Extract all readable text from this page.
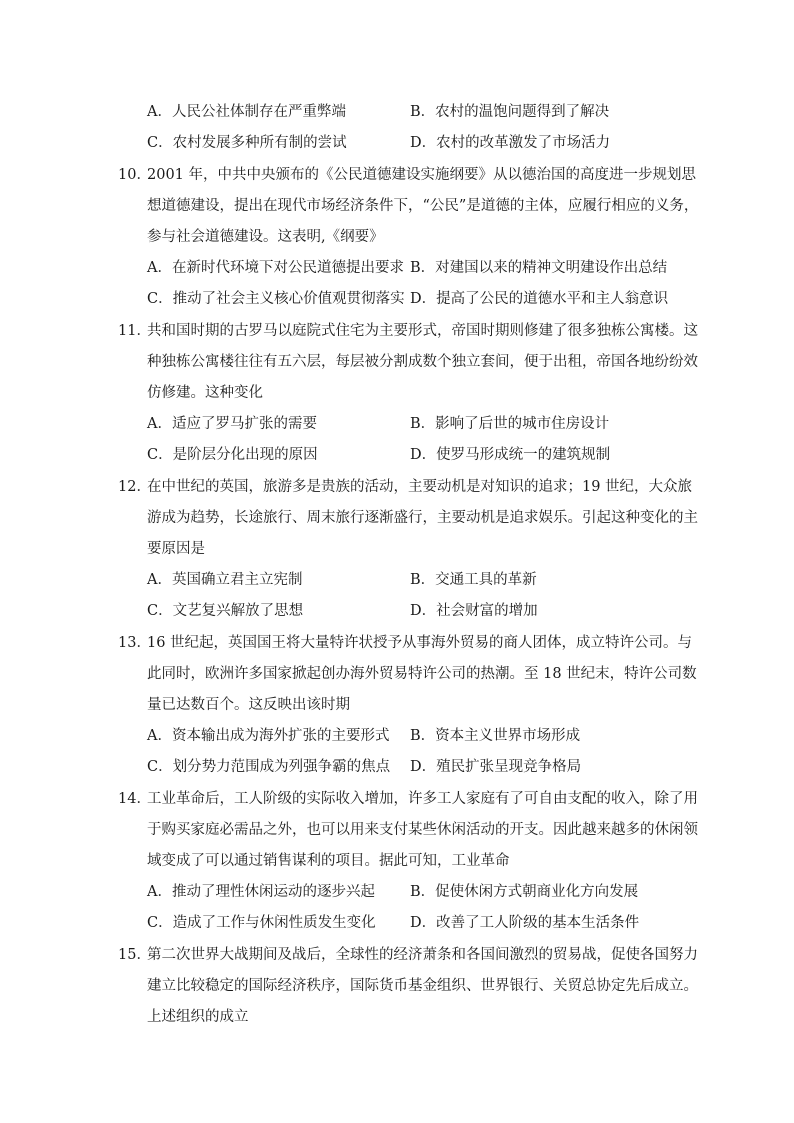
A．人民公社体制存在严重弊端	B．农村的温饱问题得到了解决
C．农村发展多种所有制的尝试	D．农村的改革激发了市场活力
10．
2001 年，中共中央颁布的《公民道德建设实施纲要》从以德治国的高度进一步规划思
想道德建设，提出在现代市场经济条件下，“公民”是道德的主体，应履行相应的义务，
参与社会道德建设。这表明,《纲要》
A．在新时代环境下对公民道德提出要求 B．对建国以来的精神文明建设作出总结
C．推动了社会主义核心价值观贯彻落实 D．提高了公民的道德水平和主人翁意识
11．
共和国时期的古罗马以庭院式住宅为主要形式，帝国时期则修建了很多独栋公寓楼。这
种独栋公寓楼往往有五六层，每层被分割成数个独立套间，便于出租，帝国各地纷纷效
仿修建。这种变化
A．适应了罗马扩张的需要	B．影响了后世的城市住房设计
C．是阶层分化出现的原因	D．使罗马形成统一的建筑规制
12．
在中世纪的英国，旅游多是贵族的活动，主要动机是对知识的追求；19 世纪，大众旅
游成为趋势，长途旅行、周末旅行逐渐盛行，主要动机是追求娱乐。引起这种变化的主
要原因是
A．英国确立君主立宪制	B．交通工具的革新
C．文艺复兴解放了思想	D．社会财富的增加
13．
16 世纪起，英国国王将大量特许状授予从事海外贸易的商人团体，成立特许公司。与
此同时，欧洲许多国家掀起创办海外贸易特许公司的热潮。至 18 世纪末，特许公司数
量已达数百个。这反映出该时期
A．资本输出成为海外扩张的主要形式 B．资本主义世界市场形成
C．划分势力范围成为列强争霸的焦点 D．殖民扩张呈现竞争格局
14．
工业革命后，工人阶级的实际收入增加，许多工人家庭有了可自由支配的收入，除了用
于购买家庭必需品之外，也可以用来支付某些休闲活动的开支。因此越来越多的休闲领
域变成了可以通过销售谋利的项目。据此可知，工业革命
A．推动了理性休闲运动的逐步兴起 B．促使休闲方式朝商业化方向发展
C．造成了工作与休闲性质发生变化 D．改善了工人阶级的基本生活条件
15．
第二次世界大战期间及战后，全球性的经济萧条和各国间激烈的贸易战，促使各国努力
建立比较稳定的国际经济秩序，国际货币基金组织、世界银行、关贸总协定先后成立。
上述组织的成立
